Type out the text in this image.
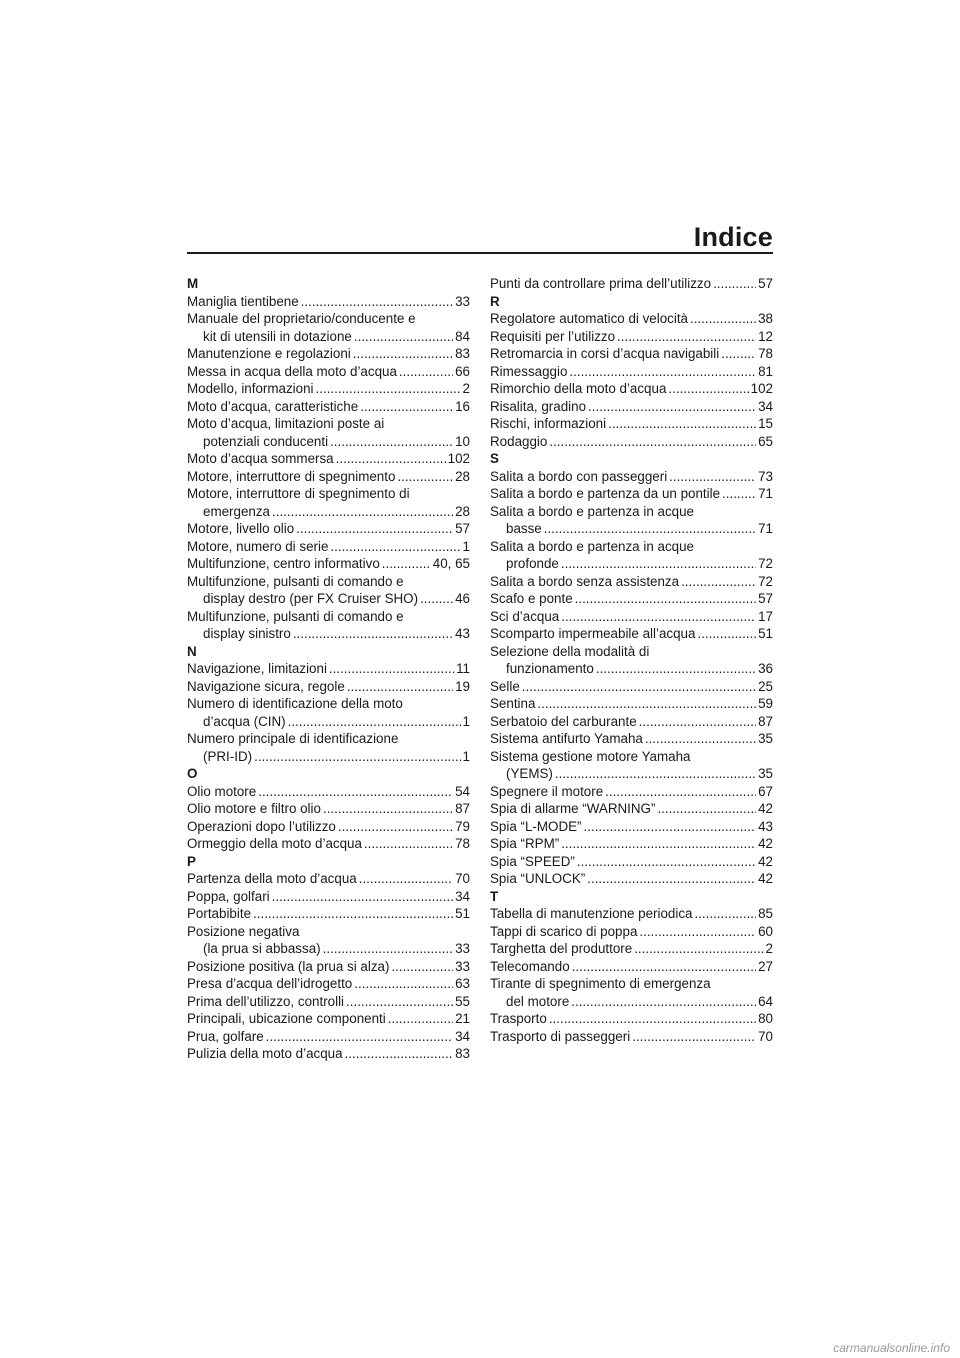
Indice
M
Maniglia tientibene .....	33
Manuale del proprietario/conducente e
kit di utensili in dotazione .....	84
Manutenzione e regolazioni .....	83
Messa in acqua della moto d’acqua .....	66
Modello, informazioni .....	2
Moto d’acqua, caratteristiche .....	16
Moto d’acqua, limitazioni poste ai
potenziali conducenti .....	10
Moto d’acqua sommersa .....	102
Motore, interruttore di spegnimento .....	28
Motore, interruttore di spegnimento di
emergenza .....	28
Motore, livello olio .....	57
Motore, numero di serie .....	1
Multifunzione, centro informativo .....	40, 65
Multifunzione, pulsanti di comando e
display destro (per FX Cruiser SHO) .....	46
Multifunzione, pulsanti di comando e
display sinistro .....	43
N
Navigazione, limitazioni .....	11
Navigazione sicura, regole .....	19
Numero di identificazione della moto
d’acqua (CIN) .....	1
Numero principale di identificazione
(PRI-ID) .....	1
O
Olio motore .....	54
Olio motore e filtro olio .....	87
Operazioni dopo l’utilizzo .....	79
Ormeggio della moto d’acqua .....	78
P
Partenza della moto d’acqua .....	70
Poppa, golfari .....	34
Portabibite .....	51
Posizione negativa
(la prua si abbassa) .....	33
Posizione positiva (la prua si alza) .....	33
Presa d’acqua dell’idrogetto .....	63
Prima dell’utilizzo, controlli .....	55
Principali, ubicazione componenti .....	21
Prua, golfare .....	34
Pulizia della moto d’acqua .....	83
Punti da controllare prima dell’utilizzo .....	57
R
Regolatore automatico di velocità .....	38
Requisiti per l’utilizzo .....	12
Retromarcia in corsi d’acqua navigabili .....	78
Rimessaggio .....	81
Rimorchio della moto d’acqua .....	102
Risalita, gradino .....	34
Rischi, informazioni .....	15
Rodaggio .....	65
S
Salita a bordo con passeggeri .....	73
Salita a bordo e partenza da un pontile .....	71
Salita a bordo e partenza in acque
basse .....	71
Salita a bordo e partenza in acque
profonde .....	72
Salita a bordo senza assistenza .....	72
Scafo e ponte .....	57
Sci d’acqua .....	17
Scomparto impermeabile all’acqua .....	51
Selezione della modalità di
funzionamento .....	36
Selle .....	25
Sentina .....	59
Serbatoio del carburante .....	87
Sistema antifurto Yamaha .....	35
Sistema gestione motore Yamaha
(YEMS) .....	35
Spegnere il motore .....	67
Spia di allarme “WARNING” .....	42
Spia “L-MODE” .....	43
Spia “RPM” .....	42
Spia “SPEED” .....	42
Spia “UNLOCK” .....	42
T
Tabella di manutenzione periodica .....	85
Tappi di scarico di poppa .....	60
Targhetta del produttore .....	2
Telecomando .....	27
Tirante di spegnimento di emergenza
del motore .....	64
Trasporto .....	80
Trasporto di passeggeri .....	70
carmanualsonline.info
